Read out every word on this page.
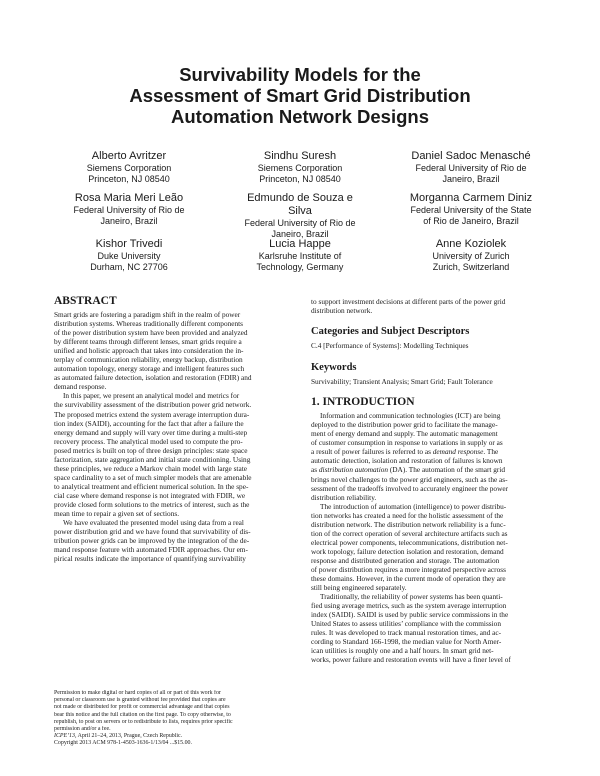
Survivability Models for the
Assessment of Smart Grid Distribution
Automation Network Designs
Alberto Avritzer
Siemens Corporation
Princeton, NJ 08540
Sindhu Suresh
Siemens Corporation
Princeton, NJ 08540
Daniel Sadoc Menasché
Federal University of Rio de
Janeiro, Brazil
Rosa Maria Meri Leão
Federal University of Rio de
Janeiro, Brazil
Edmundo de Souza e
Silva
Federal University of Rio de
Janeiro, Brazil
Morganna Carmem Diniz
Federal University of the State
of Rio de Janeiro, Brazil
Kishor Trivedi
Duke University
Durham, NC 27706
Lucia Happe
Karlsruhe Institute of
Technology, Germany
Anne Koziolek
University of Zurich
Zurich, Switzerland
ABSTRACT
Smart grids are fostering a paradigm shift in the realm of power
distribution systems. Whereas traditionally different components
of the power distribution system have been provided and analyzed
by different teams through different lenses, smart grids require a
unified and holistic approach that takes into consideration the in-
terplay of communication reliability, energy backup, distribution
automation topology, energy storage and intelligent features such
as automated failure detection, isolation and restoration (FDIR) and
demand response.
In this paper, we present an analytical model and metrics for
the survivability assessment of the distribution power grid network.
The proposed metrics extend the system average interruption dura-
tion index (SAIDI), accounting for the fact that after a failure the
energy demand and supply will vary over time during a multi-step
recovery process. The analytical model used to compute the pro-
posed metrics is built on top of three design principles: state space
factorization, state aggregation and initial state conditioning. Using
these principles, we reduce a Markov chain model with large state
space cardinality to a set of much simpler models that are amenable
to analytical treatment and efficient numerical solution. In the spe-
cial case where demand response is not integrated with FDIR, we
provide closed form solutions to the metrics of interest, such as the
mean time to repair a given set of sections.
We have evaluated the presented model using data from a real
power distribution grid and we have found that survivability of dis-
tribution power grids can be improved by the integration of the de-
mand response feature with automated FDIR approaches. Our em-
pirical results indicate the importance of quantifying survivability
Permission to make digital or hard copies of all or part of this work for
personal or classroom use is granted without fee provided that copies are
not made or distributed for profit or commercial advantage and that copies
bear this notice and the full citation on the first page. To copy otherwise, to
republish, to post on servers or to redistribute to lists, requires prior specific
permission and/or a fee.
ICPE’13, April 21–24, 2013, Prague, Czech Republic.
Copyright 2013 ACM 978-1-4503-1636-1/13/04 ...$15.00.
to support investment decisions at different parts of the power grid
distribution network.
Categories and Subject Descriptors
C.4 [Performance of Systems]: Modelling Techniques
Keywords
Survivability; Transient Analysis; Smart Grid; Fault Tolerance
1. INTRODUCTION
Information and communication technologies (ICT) are being
deployed to the distribution power grid to facilitate the manage-
ment of energy demand and supply. The automatic management
of customer consumption in response to variations in supply or as
a result of power failures is referred to as demand response. The
automatic detection, isolation and restoration of failures is known
as distribution automation (DA). The automation of the smart grid
brings novel challenges to the power grid engineers, such as the as-
sessment of the tradeoffs involved to accurately engineer the power
distribution reliability.
The introduction of automation (intelligence) to power distribu-
tion networks has created a need for the holistic assessment of the
distribution network. The distribution network reliability is a func-
tion of the correct operation of several architecture artifacts such as
electrical power components, telecommunications, distribution net-
work topology, failure detection isolation and restoration, demand
response and distributed generation and storage. The automation
of power distribution requires a more integrated perspective across
these domains. However, in the current mode of operation they are
still being engineered separately.
Traditionally, the reliability of power systems has been quanti-
fied using average metrics, such as the system average interruption
index (SAIDI). SAIDI is used by public service commissions in the
United States to assess utilities’ compliance with the commission
rules. It was developed to track manual restoration times, and ac-
cording to Standard 166-1998, the median value for North Amer-
ican utilities is roughly one and a half hours. In smart grid net-
works, power failure and restoration events will have a finer level of
